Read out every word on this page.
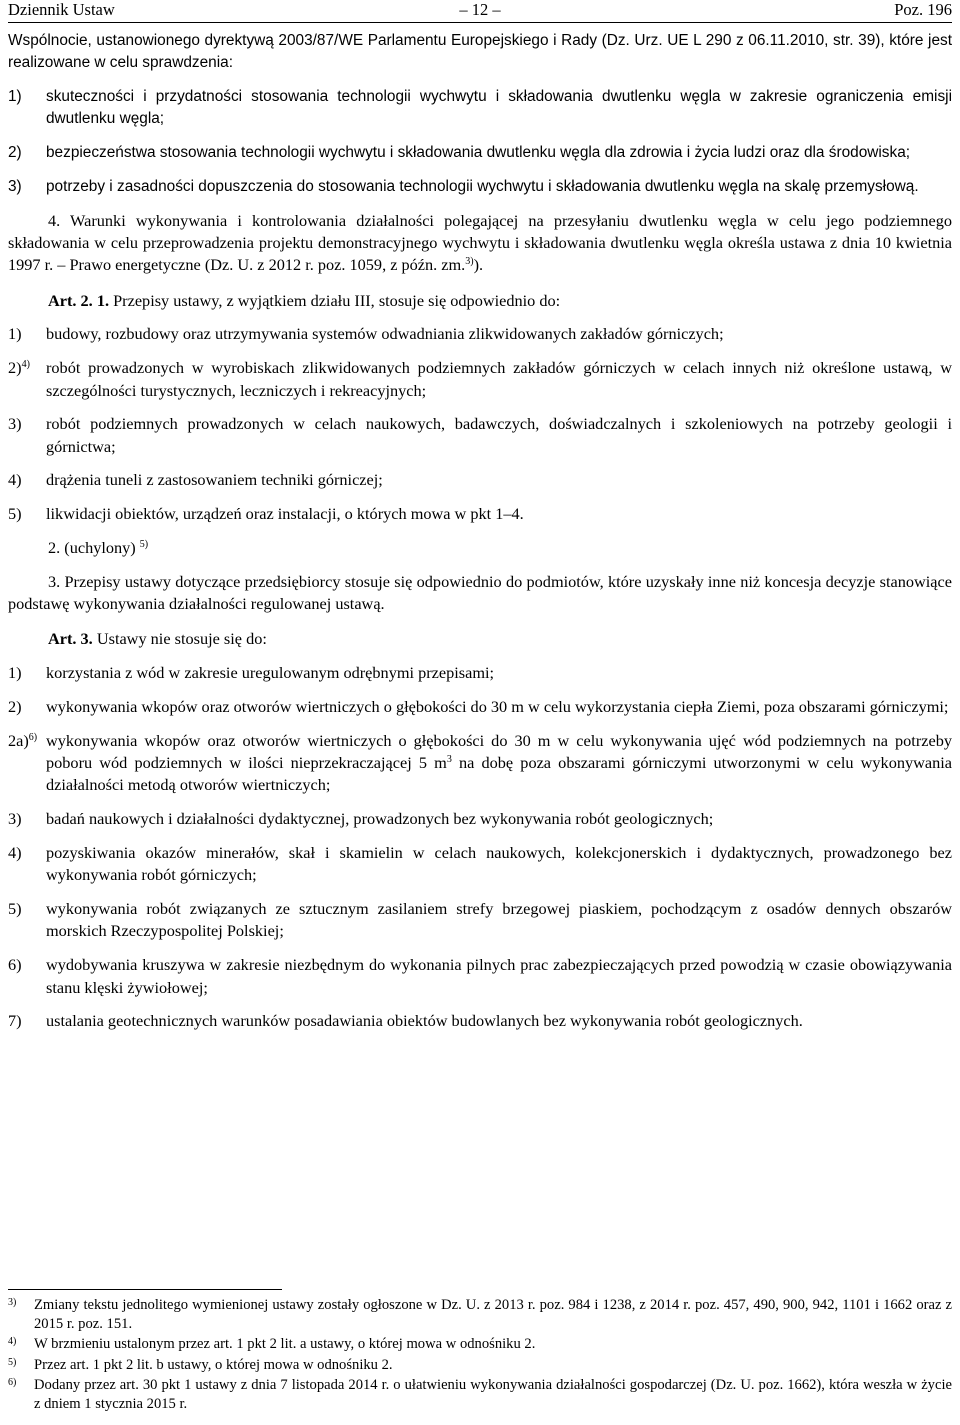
Dziennik Ustaw	– 12 –	Poz. 196

Wspólnocie, ustanowionego dyrektywą 2003/87/WE Parlamentu Europejskiego i Rady (Dz. Urz. UE L 290 z 06.11.2010, str. 39), które jest realizowane w celu sprawdzenia:

1)	skuteczności i przydatności stosowania technologii wychwytu i składowania dwutlenku węgla w zakresie ograniczenia emisji dwutlenku węgla;
2)	bezpieczeństwa stosowania technologii wychwytu i składowania dwutlenku węgla dla zdrowia i życia ludzi oraz dla środowiska;
3)	potrzeby i zasadności dopuszczenia do stosowania technologii wychwytu i składowania dwutlenku węgla na skalę przemysłową.

4. Warunki wykonywania i kontrolowania działalności polegającej na przesyłaniu dwutlenku węgla w celu jego podziemnego składowania w celu przeprowadzenia projektu demonstracyjnego wychwytu i składowania dwutlenku węgla określa ustawa z dnia 10 kwietnia 1997 r. – Prawo energetyczne (Dz. U. z 2012 r. poz. 1059, z późn. zm.$^{3)}$).

Art. 2. 1. Przepisy ustawy, z wyjątkiem działu III, stosuje się odpowiednio do:

1)	budowy, rozbudowy oraz utrzymywania systemów odwadniania zlikwidowanych zakładów górniczych;
2)$^{4)}$ robót prowadzonych w wyrobiskach zlikwidowanych podziemnych zakładów górniczych w celach innych niż określone ustawą, w szczególności turystycznych, leczniczych i rekreacyjnych;
3)	robót podziemnych prowadzonych w celach naukowych, badawczych, doświadczalnych i szkoleniowych na potrzeby geologii i górnictwa;
4)	drążenia tuneli z zastosowaniem techniki górniczej;
5)	likwidacji obiektów, urządzeń oraz instalacji, o których mowa w pkt 1–4.

2. (uchylony) $^{5)}$

3. Przepisy ustawy dotyczące przedsiębiorcy stosuje się odpowiednio do podmiotów, które uzyskały inne niż koncesja decyzje stanowiące podstawę wykonywania działalności regulowanej ustawą.

Art. 3. Ustawy nie stosuje się do:

1)	korzystania z wód w zakresie uregulowanym odrębnymi przepisami;
2)	wykonywania wkopów oraz otworów wiertniczych o głębokości do 30 m w celu wykorzystania ciepła Ziemi, poza obszarami górniczymi;
2a)$^{6)}$ wykonywania wkopów oraz otworów wiertniczych o głębokości do 30 m w celu wykonywania ujęć wód podziemnych na potrzeby poboru wód podziemnych w ilości nieprzekraczającej 5 $m^3$ na dobę poza obszarami górniczymi utworzonymi w celu wykonywania działalności metodą otworów wiertniczych;
3)	badań naukowych i działalności dydaktycznej, prowadzonych bez wykonywania robót geologicznych;
4)	pozyskiwania okazów minerałów, skał i skamielin w celach naukowych, kolekcjonerskich i dydaktycznych, prowadzonego bez wykonywania robót górniczych;
5)	wykonywania robót związanych ze sztucznym zasilaniem strefy brzegowej piaskiem, pochodzącym z osadów dennych obszarów morskich Rzeczypospolitej Polskiej;
6)	wydobywania kruszywa w zakresie niezbędnym do wykonania pilnych prac zabezpieczających przed powodzią w czasie obowiązywania stanu klęski żywiołowej;
7)	ustalania geotechnicznych warunków posadawiania obiektów budowlanych bez wykonywania robót geologicznych.
3)	Zmiany tekstu jednolitego wymienionej ustawy zostały ogłoszone w Dz. U. z 2013 r. poz. 984 i 1238, z 2014 r. poz. 457, 490, 900, 942, 1101 i 1662 oraz z 2015 r. poz. 151.
4)	W brzmieniu ustalonym przez art. 1 pkt 2 lit. a ustawy, o której mowa w odnośniku 2.
5)	Przez art. 1 pkt 2 lit. b ustawy, o której mowa w odnośniku 2.
6)	Dodany przez art. 30 pkt 1 ustawy z dnia 7 listopada 2014 r. o ułatwieniu wykonywania działalności gospodarczej (Dz. U. poz. 1662), która weszła w życie z dniem 1 stycznia 2015 r.
